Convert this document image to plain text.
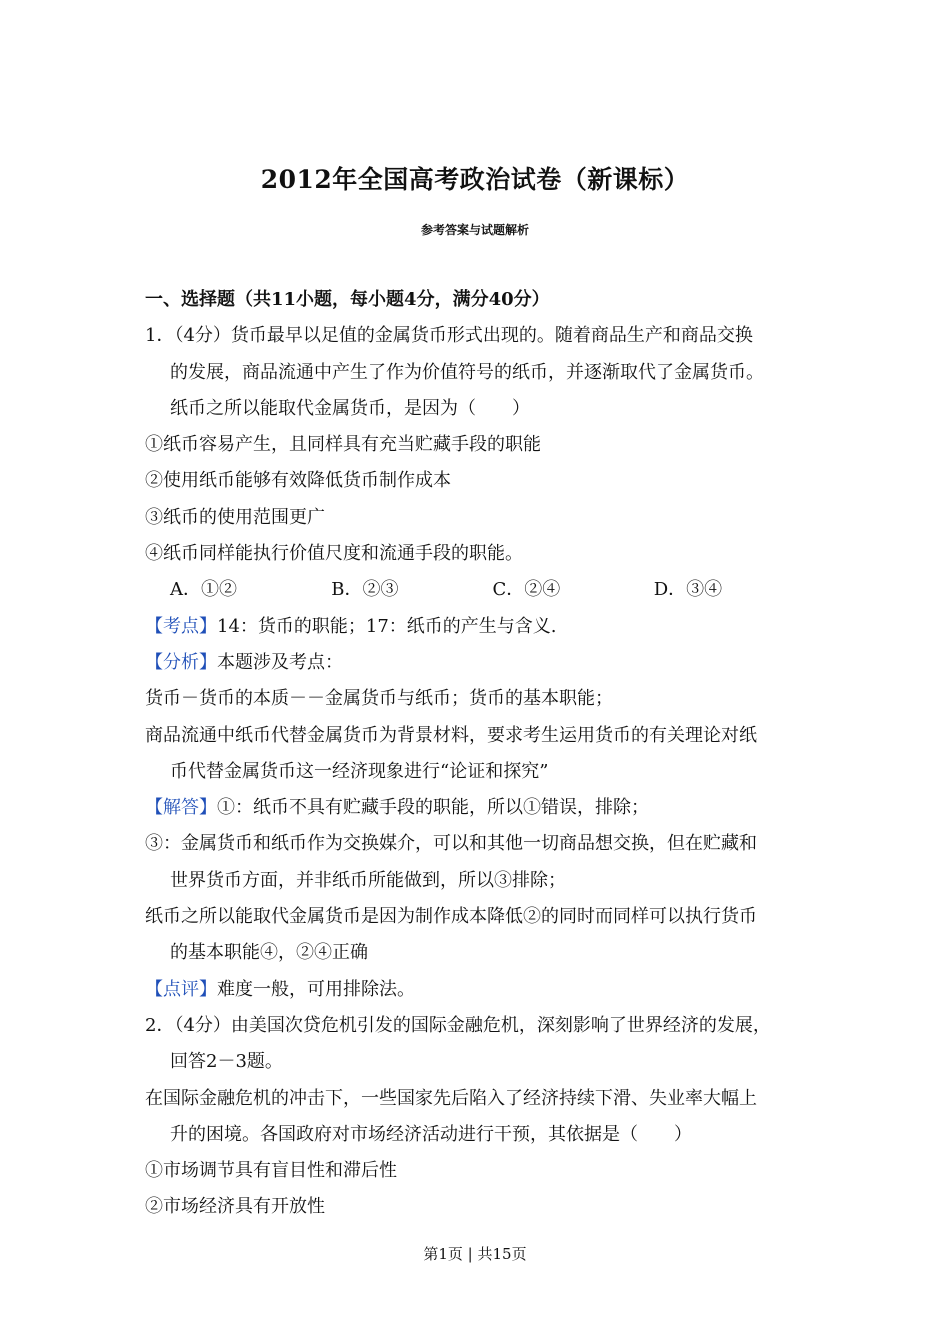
2012年全国高考政治试卷（新课标）
参考答案与试题解析
一、选择题（共11小题，每小题4分，满分40分）
1．（4分）货币最早以足值的金属货币形式出现的。随着商品生产和商品交换
的发展，商品流通中产生了作为价值符号的纸币，并逐渐取代了金属货币。
纸币之所以能取代金属货币，是因为（　　）
①纸币容易产生，且同样具有充当贮藏手段的职能
②使用纸币能够有效降低货币制作成本
③纸币的使用范围更广
④纸币同样能执行价值尺度和流通手段的职能。
A．①②	B．②③	C．②④	D．③④
【考点】14：货币的职能；17：纸币的产生与含义.
【分析】本题涉及考点：
货币－货币的本质－－金属货币与纸币；货币的基本职能；
商品流通中纸币代替金属货币为背景材料，要求考生运用货币的有关理论对纸
币代替金属货币这一经济现象进行“论证和探究”
【解答】①：纸币不具有贮藏手段的职能，所以①错误，排除；
③：金属货币和纸币作为交换媒介，可以和其他一切商品想交换，但在贮藏和
世界货币方面，并非纸币所能做到，所以③排除；
纸币之所以能取代金属货币是因为制作成本降低②的同时而同样可以执行货币
的基本职能④，②④正确
【点评】难度一般，可用排除法。
2．（4分）由美国次贷危机引发的国际金融危机，深刻影响了世界经济的发展，
回答2－3题。
在国际金融危机的冲击下，一些国家先后陷入了经济持续下滑、失业率大幅上
升的困境。各国政府对市场经济活动进行干预，其依据是（　　）
①市场调节具有盲目性和滞后性
②市场经济具有开放性
第1页 | 共15页
